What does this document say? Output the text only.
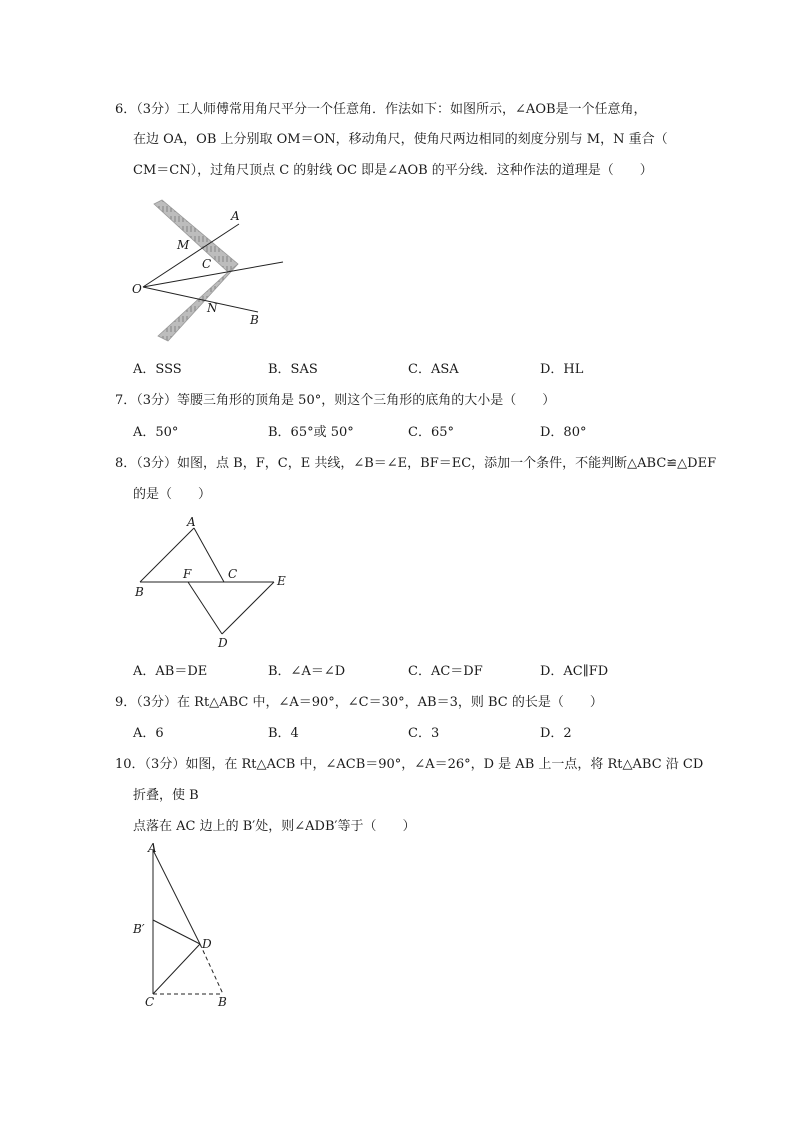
6．（3分）工人师傅常用角尺平分一个任意角．作法如下：如图所示，∠AOB是一个任意角，
在边 OA，OB 上分别取 OM＝ON，移动角尺，使角尺两边相同的刻度分别与 M，N 重合（
CM＝CN），过角尺顶点 C 的射线 OC 即是∠AOB 的平分线．这种作法的道理是（　　）
A
M
C
O
N
B
A．SSS	B．SAS	C．ASA	D．HL
7．（3分）等腰三角形的顶角是 50°，则这个三角形的底角的大小是（　　）
A．50°	B．65°或 50°	C．65°	D．80°
8．（3分）如图，点 B，F，C，E 共线，∠B＝∠E，BF＝EC，添加一个条件，不能判断△ABC≌△DEF
的是（　　）
A
F	C	E
B
D
A．AB＝DE	B．∠A＝∠D	C．AC＝DF	D．AC∥FD
9．（3分）在 Rt△ABC 中，∠A＝90°，∠C＝30°，AB＝3，则 BC 的长是（　　）
A．6	B．4	C．3	D．2
10．（3分）如图，在 Rt△ACB 中，∠ACB＝90°，∠A＝26°，D 是 AB 上一点，将 Rt△ABC 沿 CD
折叠，使 B
点落在 AC 边上的 B′处，则∠ADB′等于（　　）
A
B′
D
C	B
